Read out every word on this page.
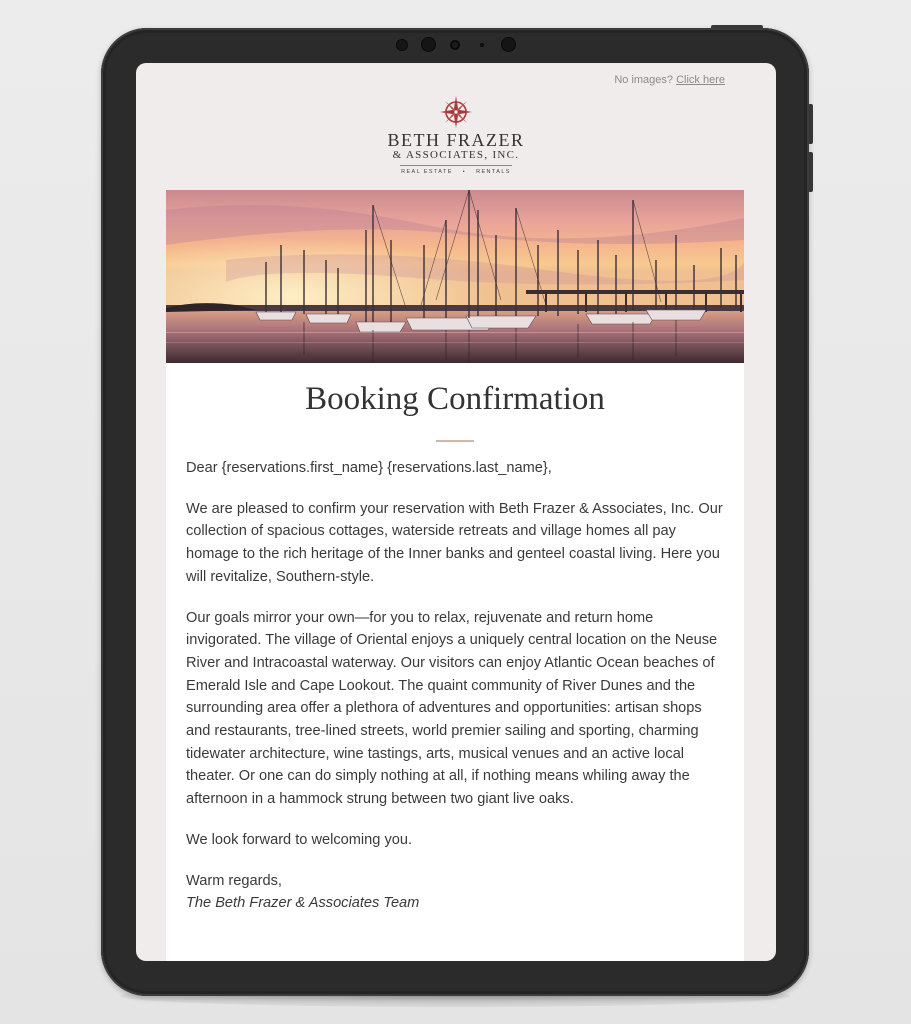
No images? Click here
BETH FRAZER
& ASSOCIATES, INC.
REAL ESTATE • RENTALS
Booking Confirmation

Dear {reservations.first_name} {reservations.last_name},

We are pleased to confirm your reservation with Beth Frazer & Associates, Inc. Our collection of spacious cottages, waterside retreats and village homes all pay homage to the rich heritage of the Inner banks and genteel coastal living. Here you will revitalize, Southern-style.

Our goals mirror your own—for you to relax, rejuvenate and return home invigorated. The village of Oriental enjoys a uniquely central location on the Neuse River and Intracoastal waterway. Our visitors can enjoy Atlantic Ocean beaches of Emerald Isle and Cape Lookout. The quaint community of River Dunes and the surrounding area offer a plethora of adventures and opportunities: artisan shops and restaurants, tree-lined streets, world premier sailing and sporting, charming tidewater architecture, wine tastings, arts, musical venues and an active local theater. Or one can do simply nothing at all, if nothing means whiling away the afternoon in a hammock strung between two giant live oaks.

We look forward to welcoming you.

Warm regards,
The Beth Frazer & Associates Team
